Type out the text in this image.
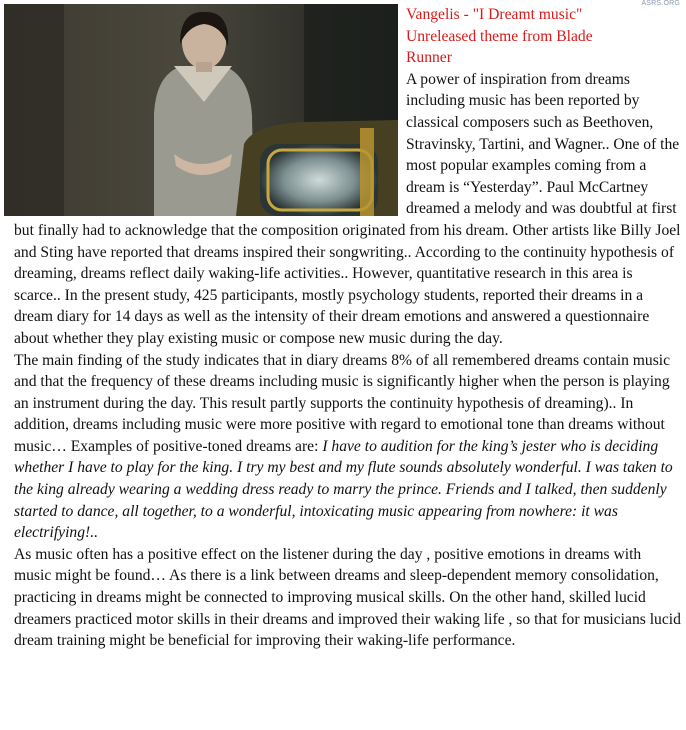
ASRS.ORG

Vangelis - "I Dreamt music"

Unreleased theme from Blade

Runner

A power of inspiration from dreams including music has been reported by classical composers such as Beethoven, Stravinsky, Tartini, and Wagner.. One of the most popular examples coming from a dream is “Yesterday”. Paul McCartney dreamed a melody and was doubtful at first but finally had to acknowledge that the composition originated from his dream. Other artists like Billy Joel and Sting have reported that dreams inspired their songwriting.. According to the continuity hypothesis of dreaming, dreams reflect daily waking-life activities.. However, quantitative research in this area is scarce.. In the present study, 425 participants, mostly psychology students, reported their dreams in a dream diary for 14 days as well as the intensity of their dream emotions and answered a questionnaire about whether they play existing music or compose new music during the day.

The main finding of the study indicates that in diary dreams 8% of all remembered dreams contain music and that the frequency of these dreams including music is significantly higher when the person is playing an instrument during the day. This result partly supports the continuity hypothesis of dreaming).. In addition, dreams including music were more positive with regard to emotional tone than dreams without music… Examples of positive-toned dreams are: I have to audition for the king’s jester who is deciding whether I have to play for the king. I try my best and my flute sounds absolutely wonderful. I was taken to the king already wearing a wedding dress ready to marry the prince. Friends and I talked, then suddenly started to dance, all together, to a wonderful, intoxicating music appearing from nowhere: it was electrifying!..

As music often has a positive effect on the listener during the day , positive emotions in dreams with music might be found… As there is a link between dreams and sleep-dependent memory consolidation, practicing in dreams might be connected to improving musical skills. On the other hand, skilled lucid dreamers practiced motor skills in their dreams and improved their waking life , so that for musicians lucid dream training might be beneficial for improving their waking-life performance.
